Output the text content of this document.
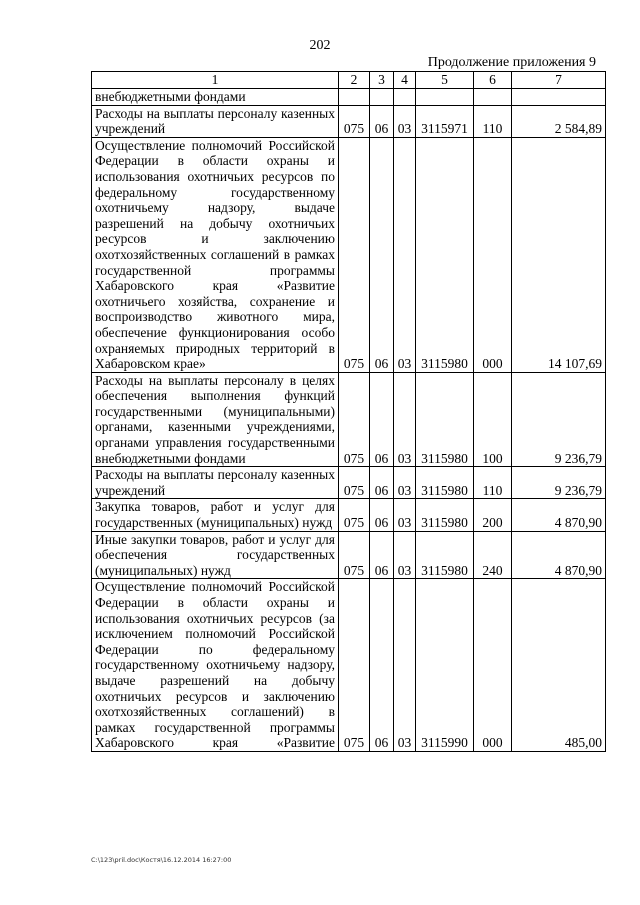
202
Продолжение приложения 9
1	2	3	4	5	6	7
внебюджетными фондами						
Расходы на выплаты персоналу казенных учреждений	075	06	03	3115971	110	2 584,89
Осуществление полномочий Российской Федерации в области охраны и использования охотничьих ресурсов по федеральному государственному охотничьему надзору, выдаче разрешений на добычу охотничьих ресурсов и заключению охотхозяйственных соглашений в рамках государственной программы Хабаровского края «Развитие охотничьего хозяйства, сохранение и воспроизводство животного мира, обеспечение функционирования особо охраняемых природных территорий в Хабаровском крае»	075	06	03	3115980	000	14 107,69
Расходы на выплаты персоналу в целях обеспечения выполнения функций государственными (муниципальными) органами, казенными учреждениями, органами управления государственными внебюджетными фондами	075	06	03	3115980	100	9 236,79
Расходы на выплаты персоналу казенных учреждений	075	06	03	3115980	110	9 236,79
Закупка товаров, работ и услуг для государственных (муниципальных) нужд	075	06	03	3115980	200	4 870,90
Иные закупки товаров, работ и услуг для обеспечения государственных (муниципальных) нужд	075	06	03	3115980	240	4 870,90
Осуществление полномочий Российской Федерации в области охраны и использования охотничьих ресурсов (за исключением полномочий Российской Федерации по федеральному государственному охотничьему надзору, выдаче разрешений на добычу охотничьих ресурсов и заключению охотхозяйственных соглашений) в рамках государственной программы Хабаровского края «Развитие	075	06	03	3115990	000	485,00
C:\123\pril.doc\Костя\16.12.2014 16:27:00
